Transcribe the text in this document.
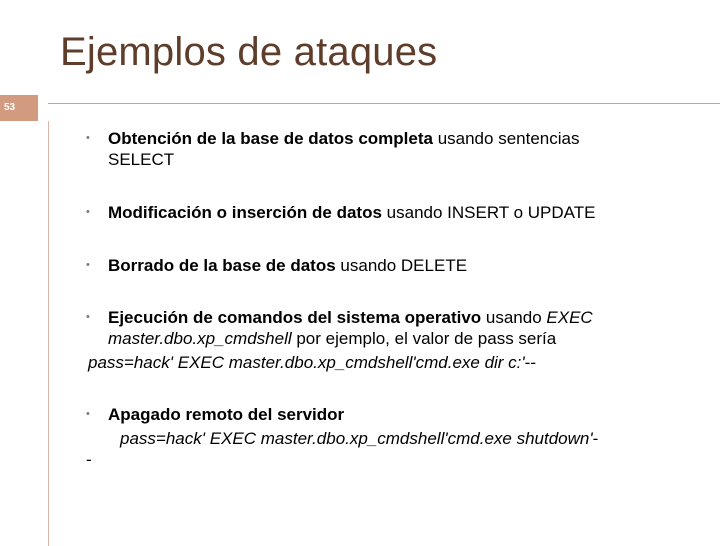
Ejemplos de ataques
53
• Obtención de la base de datos completa usando sentencias
SELECT
• Modificación o inserción de datos usando INSERT o UPDATE
• Borrado de la base de datos usando DELETE
• Ejecución de comandos del sistema operativo usando EXEC
master.dbo.xp_cmdshell por ejemplo, el valor de pass sería
pass=hack' EXEC master.dbo.xp_cmdshell'cmd.exe dir c:'--
• Apagado remoto del servidor
pass=hack' EXEC master.dbo.xp_cmdshell'cmd.exe shutdown'-
-
